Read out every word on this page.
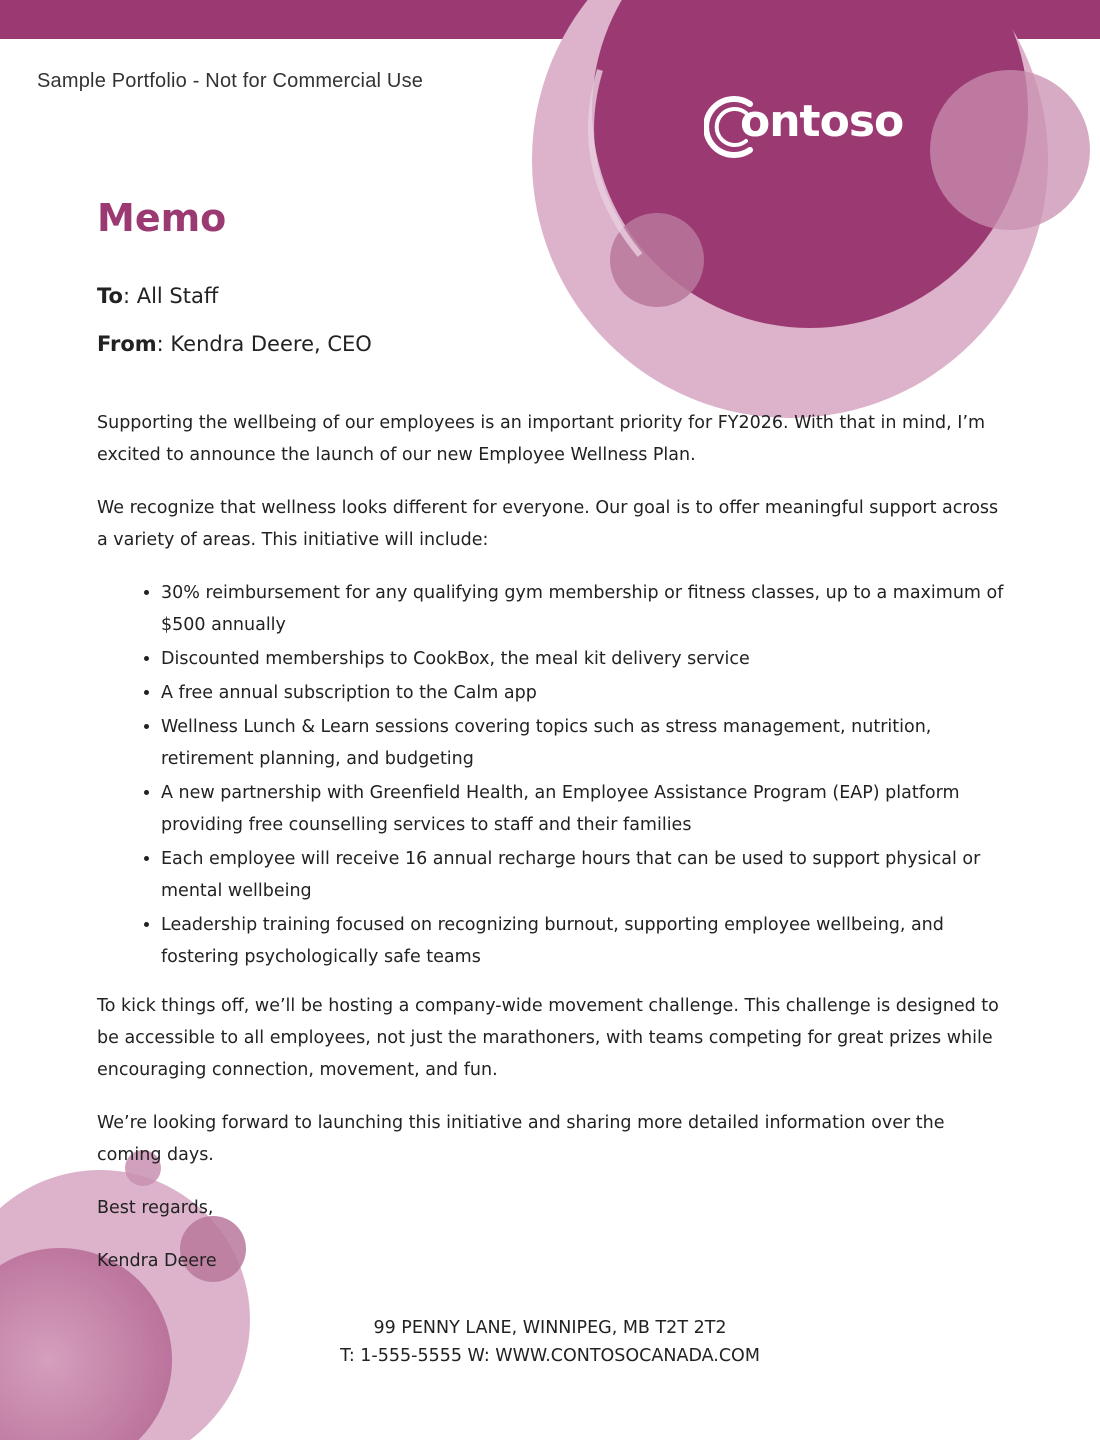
Sample Portfolio - Not for Commercial Use
ontoso
Memo
To: All Staff
From: Kendra Deere, CEO

Supporting the wellbeing of our employees is an important priority for FY2026. With that in mind, I’m excited to announce the launch of our new Employee Wellness Plan.

We recognize that wellness looks different for everyone. Our goal is to offer meaningful support across a variety of areas. This initiative will include:

• 30% reimbursement for any qualifying gym membership or fitness classes, up to a maximum of $500 annually
• Discounted memberships to CookBox, the meal kit delivery service
• A free annual subscription to the Calm app
• Wellness Lunch & Learn sessions covering topics such as stress management, nutrition, retirement planning, and budgeting
• A new partnership with Greenfield Health, an Employee Assistance Program (EAP) platform providing free counselling services to staff and their families
• Each employee will receive 16 annual recharge hours that can be used to support physical or mental wellbeing
• Leadership training focused on recognizing burnout, supporting employee wellbeing, and fostering psychologically safe teams

To kick things off, we’ll be hosting a company-wide movement challenge. This challenge is designed to be accessible to all employees, not just the marathoners, with teams competing for great prizes while encouraging connection, movement, and fun.

We’re looking forward to launching this initiative and sharing more detailed information over the coming days.

Best regards,

Kendra Deere

99 PENNY LANE, WINNIPEG, MB T2T 2T2
T: 1-555-5555 W: WWW.CONTOSOCANADA.COM
